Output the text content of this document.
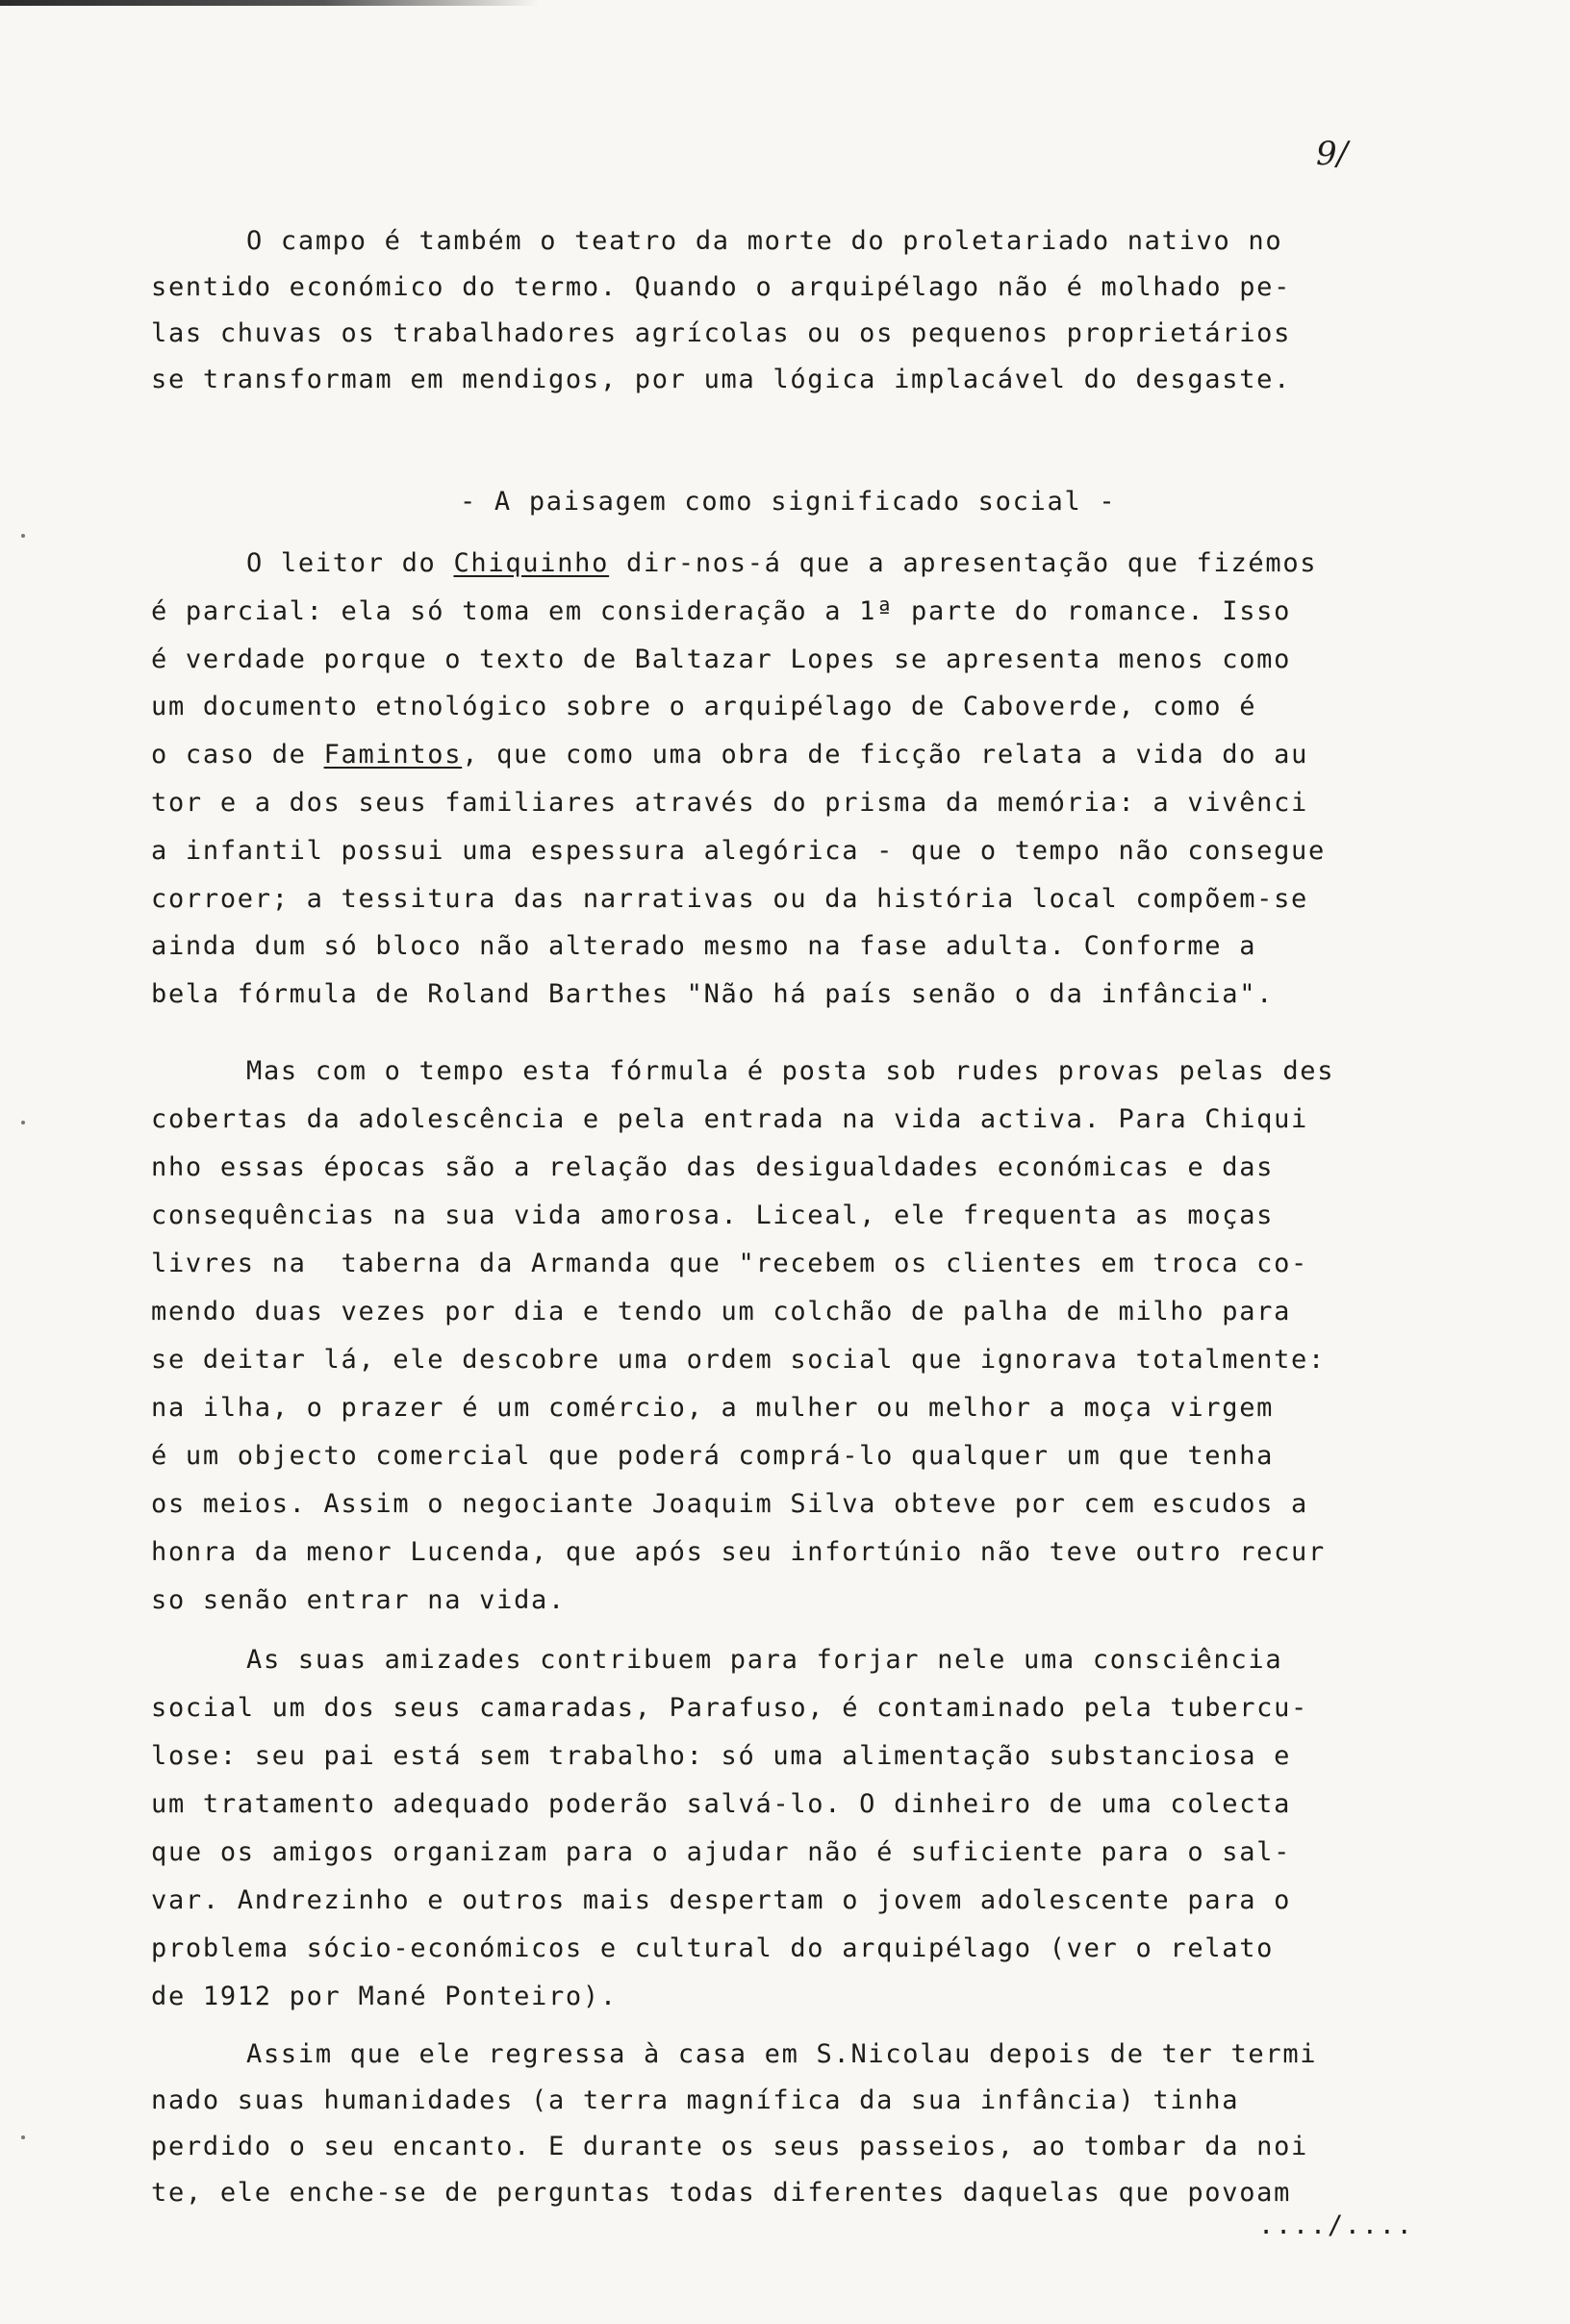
9/
O campo é também o teatro da morte do proletariado nativo no
sentido económico do termo. Quando o arquipélago não é molhado pe-
las chuvas os trabalhadores agrícolas ou os pequenos proprietários
se transformam em mendigos, por uma lógica implacável do desgaste.
O leitor do Chiquinho dir-nos-á que a apresentação que fizémos
é parcial: ela só toma em consideração a 1ª parte do romance. Isso
é verdade porque o texto de Baltazar Lopes se apresenta menos como
um documento etnológico sobre o arquipélago de Caboverde, como é
o caso de Famintos, que como uma obra de ficção relata a vida do au
tor e a dos seus familiares através do prisma da memória: a vivênci
a infantil possui uma espessura alegórica - que o tempo não consegue
corroer; a tessitura das narrativas ou da história local compõem-se
ainda dum só bloco não alterado mesmo na fase adulta. Conforme a
bela fórmula de Roland Barthes "Não há país senão o da infância".
Mas com o tempo esta fórmula é posta sob rudes provas pelas des
cobertas da adolescência e pela entrada na vida activa. Para Chiqui
nho essas épocas são a relação das desigualdades económicas e das
consequências na sua vida amorosa. Liceal, ele frequenta as moças
livres na  taberna da Armanda que "recebem os clientes em troca co-
mendo duas vezes por dia e tendo um colchão de palha de milho para
se deitar lá, ele descobre uma ordem social que ignorava totalmente:
na ilha, o prazer é um comércio, a mulher ou melhor a moça virgem
é um objecto comercial que poderá comprá-lo qualquer um que tenha
os meios. Assim o negociante Joaquim Silva obteve por cem escudos a
honra da menor Lucenda, que após seu infortúnio não teve outro recur
so senão entrar na vida.
As suas amizades contribuem para forjar nele uma consciência
social um dos seus camaradas, Parafuso, é contaminado pela tubercu-
lose: seu pai está sem trabalho: só uma alimentação substanciosa e
um tratamento adequado poderão salvá-lo. O dinheiro de uma colecta
que os amigos organizam para o ajudar não é suficiente para o sal-
var. Andrezinho e outros mais despertam o jovem adolescente para o
problema sócio-económicos e cultural do arquipélago (ver o relato
de 1912 por Mané Ponteiro).
Assim que ele regressa à casa em S.Nicolau depois de ter termi
nado suas humanidades (a terra magnífica da sua infância) tinha
perdido o seu encanto. E durante os seus passeios, ao tombar da noi
te, ele enche-se de perguntas todas diferentes daquelas que povoam
- A paisagem como significado social -
..../....
